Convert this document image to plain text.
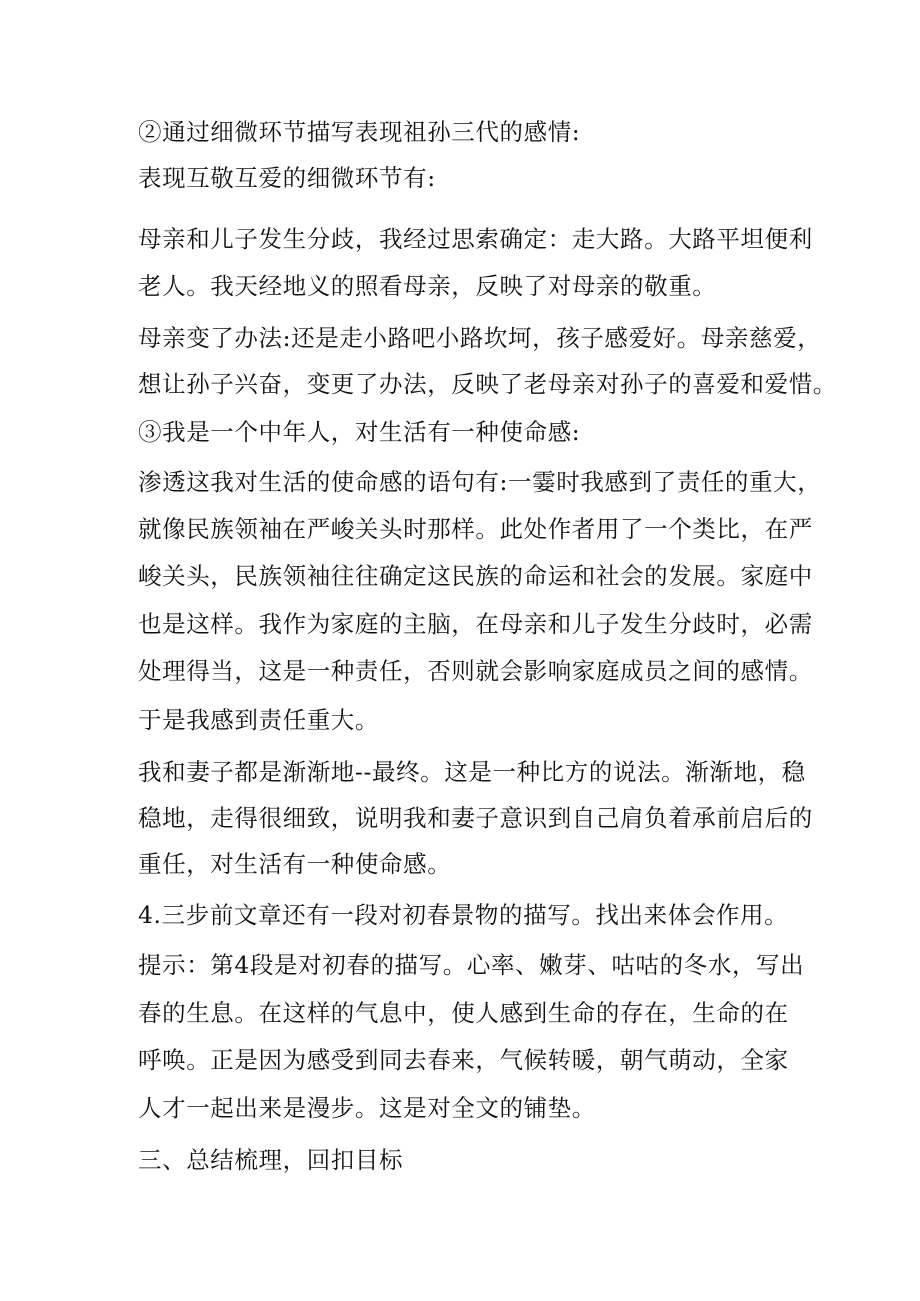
②通过细微环节描写表现祖孙三代的感情:
表现互敬互爱的细微环节有:
母亲和儿子发生分歧，我经过思索确定：走大路。大路平坦便利
老人。我天经地义的照看母亲，反映了对母亲的敬重。
母亲变了办法:还是走小路吧小路坎坷，孩子感爱好。母亲慈爱，
想让孙子兴奋，变更了办法，反映了老母亲对孙子的喜爱和爱惜。
③我是一个中年人，对生活有一种使命感:
渗透这我对生活的使命感的语句有:一霎时我感到了责任的重大，
就像民族领袖在严峻关头时那样。此处作者用了一个类比，在严
峻关头，民族领袖往往确定这民族的命运和社会的发展。家庭中
也是这样。我作为家庭的主脑，在母亲和儿子发生分歧时，必需
处理得当，这是一种责任，否则就会影响家庭成员之间的感情。
于是我感到责任重大。
我和妻子都是渐渐地--最终。这是一种比方的说法。渐渐地，稳
稳地，走得很细致，说明我和妻子意识到自己肩负着承前启后的
重任，对生活有一种使命感。
4.三步前文章还有一段对初春景物的描写。找出来体会作用。
提示：第4段是对初春的描写。心率、嫩芽、咕咕的冬水，写出
春的生息。在这样的气息中，使人感到生命的存在，生命的在
呼唤。正是因为感受到同去春来，气候转暖，朝气萌动，全家
人才一起出来是漫步。这是对全文的铺垫。
三、总结梳理，回扣目标
